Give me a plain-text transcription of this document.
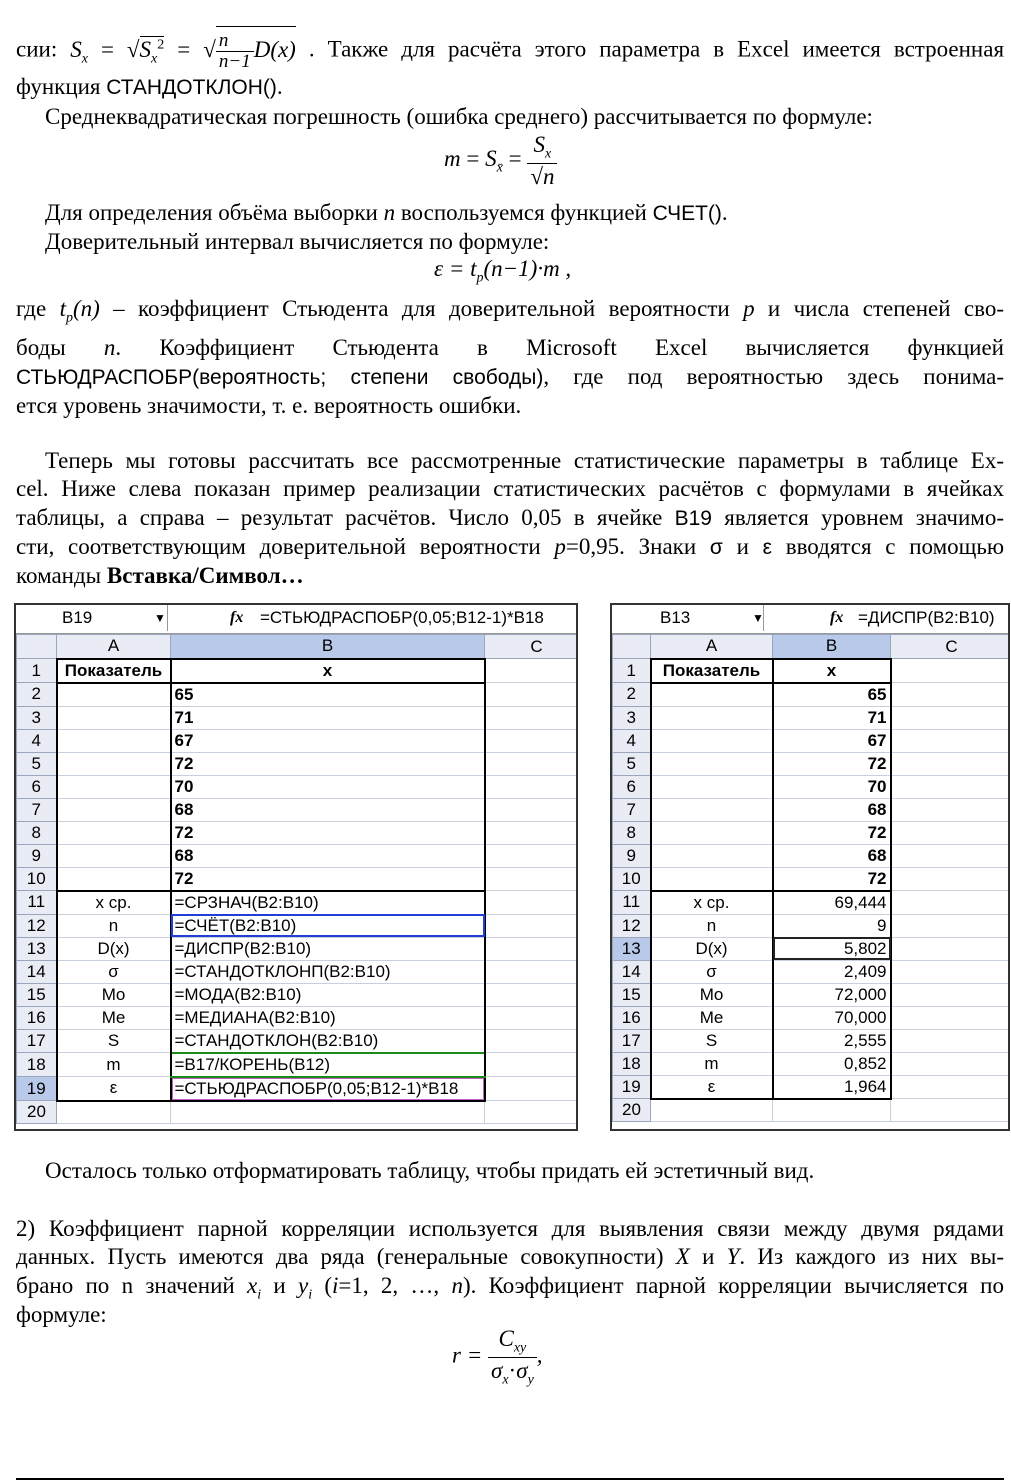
сии: $S_x = √S_x^2$ = √ $\frac{n}{n-1} D(x)$ . Также для расчёта этого параметра в Excel имеется встроенная
функция СТАНДОТКЛОН().
Среднеквадратическая погрешность (ошибка среднего) рассчитывается по формуле:
$m = S_{x̄} = \frac{S_x}{√n}$
Для определения объёма выборки n воспользуемся функцией СЧЕТ().
Доверительный интервал вычисляется по формуле:
$\varepsilon = t_p(n-1)\cdot m$ ,
где $t_p(n)$ – коэффициент Стьюдента для доверительной вероятности p и числа степеней сво-
боды n. Коэффициент Стьюдента в Microsoft Excel вычисляется функцией
СТЬЮДРАСПОБР(вероятность; степени свободы), где под вероятностью здесь понима-
ется уровень значимости, т. е. вероятность ошибки.
Теперь мы готовы рассчитать все рассмотренные статистические параметры в таблице Ex-
cel. Ниже слева показан пример реализации статистических расчётов с формулами в ячейках
таблицы, а справа – результат расчётов. Число 0,05 в ячейке B19 является уровнем значимо-
сти, соответствующим доверительной вероятности p=0,95. Знаки σ и ε вводятся с помощью
команды Вставка/Символ…
B19	▼	fx =СТЬЮДРАСПОБР(0,05;B12-1)*B18
	A	B	C
1	Показатель	x	
2		65	
3		71	
4		67	
5		72	
6		70	
7		68	
8		72	
9		68	
10		72	
11	x ср.	=СРЗНАЧ(B2:B10)	
12	n	=СЧЁТ(B2:B10)	
13	D(x)	=ДИСПР(B2:B10)	
14	σ	=СТАНДОТКЛОНП(B2:B10)	
15	Mo	=МОДА(B2:B10)	
16	Me	=МЕДИАНА(B2:B10)	
17	S	=СТАНДОТКЛОН(B2:B10)	
18	m	=B17/КОРЕНЬ(B12)	
19	ε	=СТЬЮДРАСПОБР(0,05;B12-1)*B18	
20			
B13	▼	fx =ДИСПР(B2:B10)
	A	B	C
1	Показатель	x	
2		65	
3		71	
4		67	
5		72	
6		70	
7		68	
8		72	
9		68	
10		72	
11	x ср.	69,444	
12	n	9	
13	D(x)	5,802	
14	σ	2,409	
15	Mo	72,000	
16	Me	70,000	
17	S	2,555	
18	m	0,852	
19	ε	1,964	
20			
Осталось только отформатировать таблицу, чтобы придать ей эстетичный вид.
2) Коэффициент парной корреляции используется для выявления связи между двумя рядами
данных. Пусть имеются два ряда (генеральные совокупности) X и Y. Из каждого из них вы-
брано по n значений $x_i$ и $y_i$ (i=1, 2, …, n). Коэффициент парной корреляции вычисляется по
формуле:
$r = \frac{C_{xy}}{\sigma_x\cdot\sigma_y}$ ,
